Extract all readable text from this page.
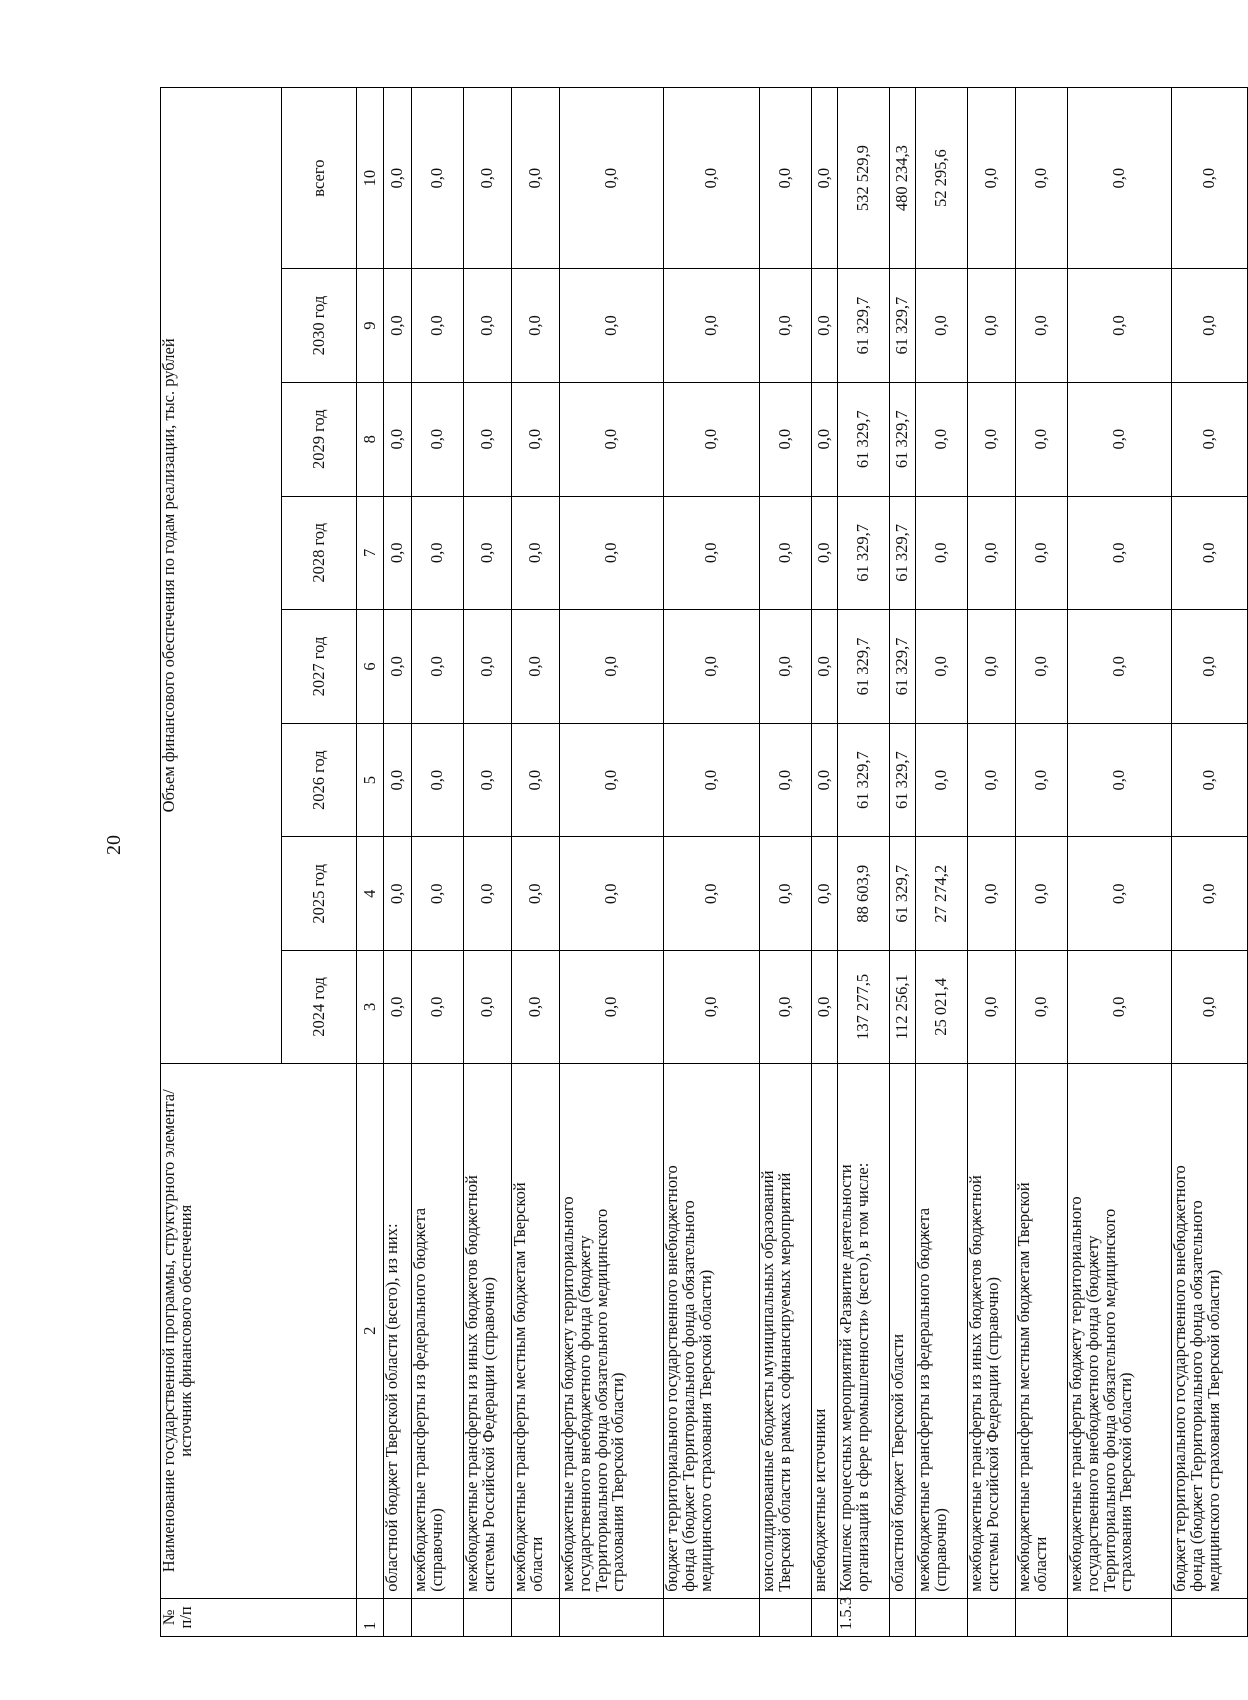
20
№ п/п	Наименование государственной программы, структурного элемента/источник финансового обеспечения	Объем финансового обеспечения по годам реализации, тыс. рублей							
		2024 год	2025 год	2026 год	2027 год	2028 год	2029 год	2030 год	всего
1	2	3	4	5	6	7	8	9	10
	областной бюджет Тверской области (всего), из них:	0,0	0,0	0,0	0,0	0,0	0,0	0,0	0,0
	межбюджетные трансферты из федерального бюджета
(справочно)	0,0	0,0	0,0	0,0	0,0	0,0	0,0	0,0
	межбюджетные трансферты из иных бюджетов бюджетной
системы Российской Федерации (справочно)	0,0	0,0	0,0	0,0	0,0	0,0	0,0	0,0
	межбюджетные трансферты местным бюджетам Тверской
области	0,0	0,0	0,0	0,0	0,0	0,0	0,0	0,0
	межбюджетные трансферты бюджету территориального
государственного внебюджетного фонда (бюджету
Территориального фонда обязательного медицинского
страхования Тверской области)	0,0	0,0	0,0	0,0	0,0	0,0	0,0	0,0
	бюджет территориального государственного внебюджетного
фонда (бюджет Территориального фонда обязательного
медицинского страхования Тверской области)	0,0	0,0	0,0	0,0	0,0	0,0	0,0	0,0
	консолидированные бюджеты муниципальных образований
Тверской области в рамках софинансируемых мероприятий	0,0	0,0	0,0	0,0	0,0	0,0	0,0	0,0
	внебюджетные источники	0,0	0,0	0,0	0,0	0,0	0,0	0,0	0,0
1.5.3	Комплекс процессных мероприятий «Развитие деятельности
организаций в сфере промышленности» (всего), в том числе:	137 277,5	88 603,9	61 329,7	61 329,7	61 329,7	61 329,7	61 329,7	532 529,9
	областной бюджет Тверской области	112 256,1	61 329,7	61 329,7	61 329,7	61 329,7	61 329,7	61 329,7	480 234,3
	межбюджетные трансферты из федерального бюджета
(справочно)	25 021,4	27 274,2	0,0	0,0	0,0	0,0	0,0	52 295,6
	межбюджетные трансферты из иных бюджетов бюджетной
системы Российской Федерации (справочно)	0,0	0,0	0,0	0,0	0,0	0,0	0,0	0,0
	межбюджетные трансферты местным бюджетам Тверской
области	0,0	0,0	0,0	0,0	0,0	0,0	0,0	0,0
	межбюджетные трансферты бюджету территориального
государственного внебюджетного фонда (бюджету
Территориального фонда обязательного медицинского
страхования Тверской области)	0,0	0,0	0,0	0,0	0,0	0,0	0,0	0,0
	бюджет территориального государственного внебюджетного
фонда (бюджет Территориального фонда обязательного
медицинского страхования Тверской области)	0,0	0,0	0,0	0,0	0,0	0,0	0,0	0,0
